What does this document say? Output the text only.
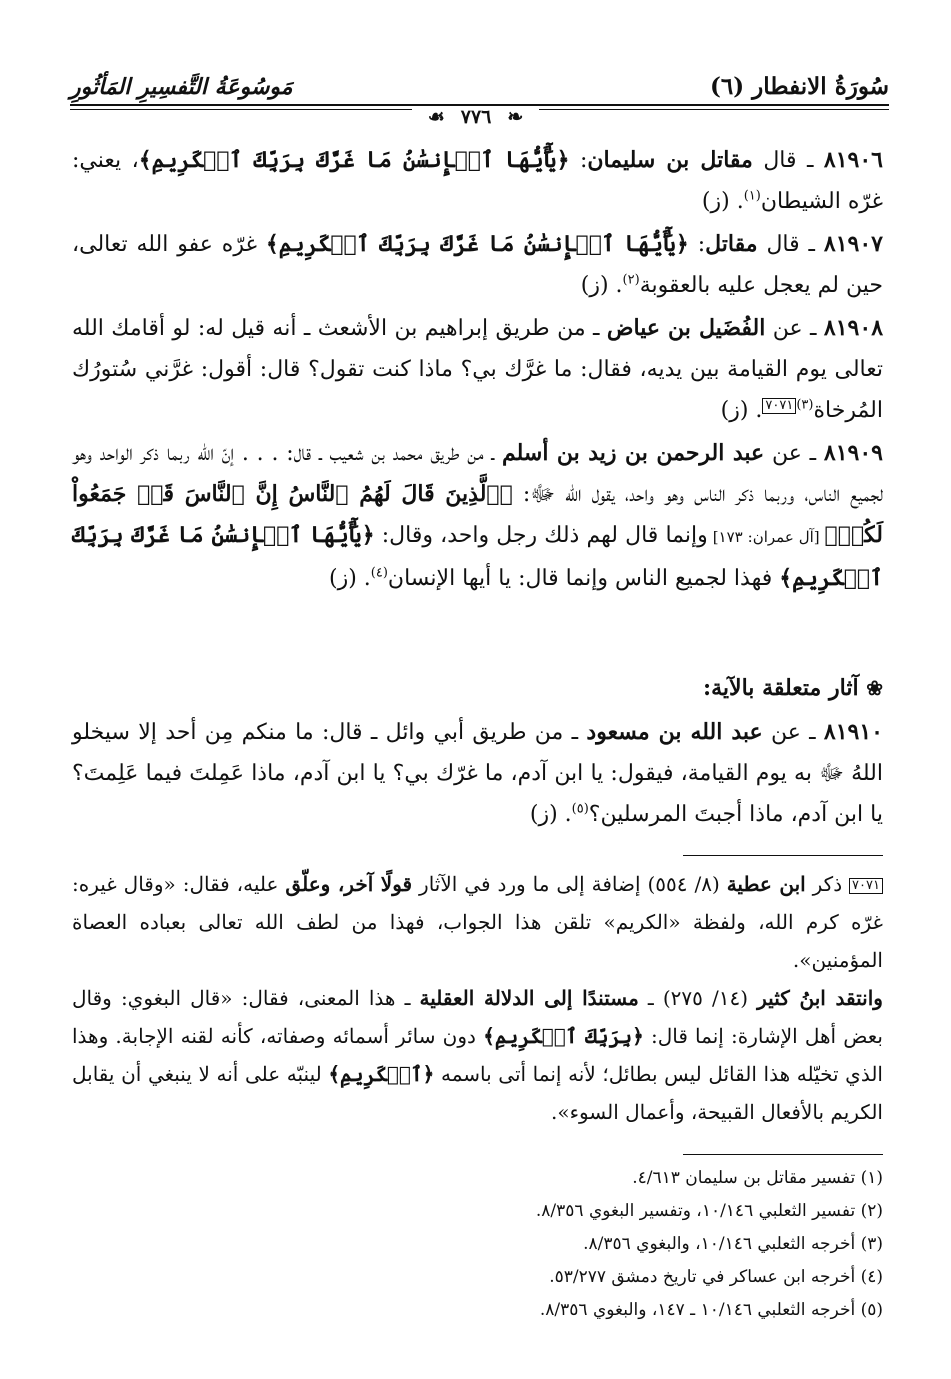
سُورَةُ الانفطار (٦)
مَوسُوعَةُ التَّفسِيرِ المَأثُورِ
❧٧٧٦☙

٨١٩٠٦ ـ قال مقاتل بن سليمان: ﴿يَٰٓأَيُّهَا ٱلۡإِنسَٰنُ مَا غَرَّكَ بِرَبِّكَ ٱلۡكَرِيمِ﴾، يعني: غرّه الشيطان$^{(١)}$. (ز)

٨١٩٠٧ ـ قال مقاتل: ﴿يَٰٓأَيُّهَا ٱلۡإِنسَٰنُ مَا غَرَّكَ بِرَبِّكَ ٱلۡكَرِيمِ﴾ غرّه عفو الله تعالى، حين لم يعجل عليه بالعقوبة$^{(٢)}$. (ز)

٨١٩٠٨ ـ عن الفُضَيل بن عياض ـ من طريق إبراهيم بن الأشعث ـ أنه قيل له: لو أقامك الله تعالى يوم القيامة بين يديه، فقال: ما غرَّك بي؟ ماذا كنت تقول؟ قال: أقول: غرَّني سُتورُك المُرخاة$^{(٣)}$٧٠٧١. (ز)

٨١٩٠٩ ـ عن عبد الرحمن بن زيد بن أسلم ـ من طريق محمد بن شعيب ـ قال: . . . إنّ الله ربما ذكر الواحد وهو لجميع الناس، وربما ذكر الناس وهو واحد، يقول الله ﷻ: ﴿ٱلَّذِينَ قَالَ لَهُمُ ٱلنَّاسُ إِنَّ ٱلنَّاسَ قَدۡ جَمَعُواْ لَكُمۡ﴾ [آل عمران: ١٧٣] وإنما قال لهم ذلك رجل واحد، وقال: ﴿يَٰٓأَيُّهَا ٱلۡإِنسَٰنُ مَا غَرَّكَ بِرَبِّكَ ٱلۡكَرِيمِ﴾ فهذا لجميع الناس وإنما قال: يا أيها الإنسان$^{(٤)}$. (ز)

❀ آثار متعلقة بالآية:

٨١٩١٠ ـ عن عبد الله بن مسعود ـ من طريق أبي وائل ـ قال: ما منكم مِن أحد إلا سيخلو اللهُ ﷻ به يوم القيامة، فيقول: يا ابن آدم، ما غرّك بي؟ يا ابن آدم، ماذا عَمِلتَ فيما عَلِمتَ؟ يا ابن آدم، ماذا أجبتَ المرسلين؟$^{(٥)}$. (ز)

٧٠٧١ ذكر ابن عطية (٨/ ٥٥٤) إضافة إلى ما ورد في الآثار قولًا آخر، وعلّق عليه، فقال: «وقال غيره: غرّه كرم الله، ولفظة «الكريم» تلقن هذا الجواب، فهذا من لطف الله تعالى بعباده العصاة المؤمنين».

وانتقد ابنُ كثير (١٤/ ٢٧٥) ـ مستندًا إلى الدلالة العقلية ـ هذا المعنى، فقال: «قال البغوي: وقال بعض أهل الإشارة: إنما قال: ﴿بِرَبِّكَ ٱلۡكَرِيمِ﴾ دون سائر أسمائه وصفاته، كأنه لقنه الإجابة. وهذا الذي تخيّله هذا القائل ليس بطائل؛ لأنه إنما أتى باسمه ﴿ٱلۡكَرِيمِ﴾ لينبّه على أنه لا ينبغي أن يقابل الكريم بالأفعال القبيحة، وأعمال السوء».

(١) تفسير مقاتل بن سليمان ٤/٦١٣.

(٢) تفسير الثعلبي ١٠/١٤٦، وتفسير البغوي ٨/٣٥٦.

(٣) أخرجه الثعلبي ١٠/١٤٦، والبغوي ٨/٣٥٦.

(٤) أخرجه ابن عساكر في تاريخ دمشق ٥٣/٢٧٧.

(٥) أخرجه الثعلبي ١٠/١٤٦ ـ ١٤٧، والبغوي ٨/٣٥٦.
